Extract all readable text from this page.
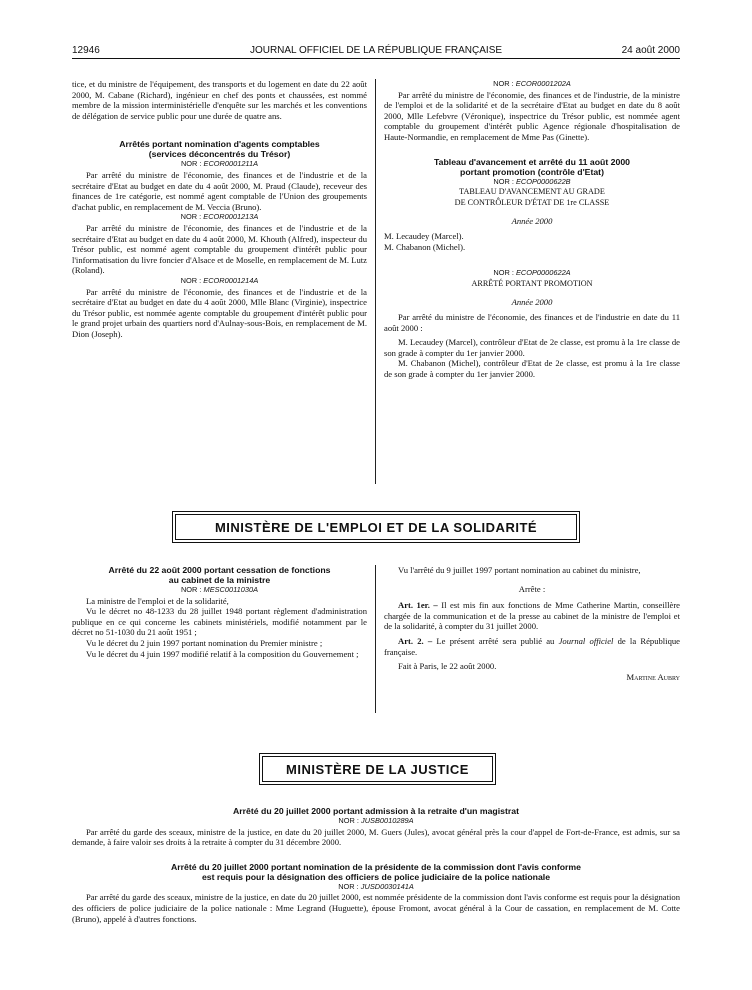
12946	JOURNAL OFFICIEL DE LA RÉPUBLIQUE FRANÇAISE	24 août 2000

tice, et du ministre de l'équipement, des transports et du logement en date du 22 août 2000, M. Cabane (Richard), ingénieur en chef des ponts et chaussées, est nommé membre de la mission interministérielle d'enquête sur les marchés et les conventions de délégation de service public pour une durée de quatre ans.

Arrêtés portant nomination d'agents comptables

(services déconcentrés du Trésor)

NOR : ECOR0001211A

Par arrêté du ministre de l'économie, des finances et de l'industrie et de la secrétaire d'Etat au budget en date du 4 août 2000, M. Praud (Claude), receveur des finances de 1re catégorie, est nommé agent comptable de l'Union des groupements d'achat public, en remplacement de M. Veccia (Bruno).

NOR : ECOR0001213A

Par arrêté du ministre de l'économie, des finances et de l'industrie et de la secrétaire d'Etat au budget en date du 4 août 2000, M. Khouth (Alfred), inspecteur du Trésor public, est nommé agent comptable du groupement d'intérêt public pour l'informatisation du livre foncier d'Alsace et de Moselle, en remplacement de M. Lutz (Roland).

NOR : ECOR0001214A

Par arrêté du ministre de l'économie, des finances et de l'industrie et de la secrétaire d'Etat au budget en date du 4 août 2000, Mlle Blanc (Virginie), inspectrice du Trésor public, est nommée agente comptable du groupement d'intérêt public pour le grand projet urbain des quartiers nord d'Aulnay-sous-Bois, en remplacement de M. Dion (Joseph).

NOR : ECOR0001202A

Par arrêté du ministre de l'économie, des finances et de l'industrie, de la ministre de l'emploi et de la solidarité et de la secrétaire d'Etat au budget en date du 8 août 2000, Mlle Lefebvre (Véronique), inspectrice du Trésor public, est nommée agent comptable du groupement d'intérêt public Agence régionale d'hospitalisation de Haute-Normandie, en remplacement de Mme Pas (Ginette).

Tableau d'avancement et arrêté du 11 août 2000

portant promotion (contrôle d'Etat)

NOR : ECOP0000622B

TABLEAU D'AVANCEMENT AU GRADE

DE CONTRÔLEUR D'ÉTAT DE 1re CLASSE

Année 2000

M. Lecaudey (Marcel).

M. Chabanon (Michel).

NOR : ECOP0000622A

ARRÊTÉ PORTANT PROMOTION

Année 2000

Par arrêté du ministre de l'économie, des finances et de l'industrie en date du 11 août 2000 :

M. Lecaudey (Marcel), contrôleur d'Etat de 2e classe, est promu à la 1re classe de son grade à compter du 1er janvier 2000.

M. Chabanon (Michel), contrôleur d'Etat de 2e classe, est promu à la 1re classe de son grade à compter du 1er janvier 2000.

MINISTÈRE DE L'EMPLOI ET DE LA SOLIDARITÉ

Arrêté du 22 août 2000 portant cessation de fonctions

au cabinet de la ministre

NOR : MESC0011030A

La ministre de l'emploi et de la solidarité,

Vu le décret no 48-1233 du 28 juillet 1948 portant règlement d'administration publique en ce qui concerne les cabinets ministériels, modifié notamment par le décret no 51-1030 du 21 août 1951 ;

Vu le décret du 2 juin 1997 portant nomination du Premier ministre ;

Vu le décret du 4 juin 1997 modifié relatif à la composition du Gouvernement ;

Vu l'arrêté du 9 juillet 1997 portant nomination au cabinet du ministre,

Arrête :

Art. 1er. – Il est mis fin aux fonctions de Mme Catherine Martin, conseillère chargée de la communication et de la presse au cabinet de la ministre de l'emploi et de la solidarité, à compter du 31 juillet 2000.

Art. 2. – Le présent arrêté sera publié au Journal officiel de la République française.

Fait à Paris, le 22 août 2000.

Martine Aubry

MINISTÈRE DE LA JUSTICE

Arrêté du 20 juillet 2000 portant admission à la retraite d'un magistrat

NOR : JUSB0010289A

Par arrêté du garde des sceaux, ministre de la justice, en date du 20 juillet 2000, M. Guers (Jules), avocat général près la cour d'appel de Fort-de-France, est admis, sur sa demande, à faire valoir ses droits à la retraite à compter du 31 décembre 2000.

Arrêté du 20 juillet 2000 portant nomination de la présidente de la commission dont l'avis conforme

est requis pour la désignation des officiers de police judiciaire de la police nationale

NOR : JUSD0030141A

Par arrêté du garde des sceaux, ministre de la justice, en date du 20 juillet 2000, est nommée présidente de la commission dont l'avis conforme est requis pour la désignation des officiers de police judiciaire de la police nationale : Mme Legrand (Huguette), épouse Fromont, avocat général à la Cour de cassation, en remplacement de M. Cotte (Bruno), appelé à d'autres fonctions.
